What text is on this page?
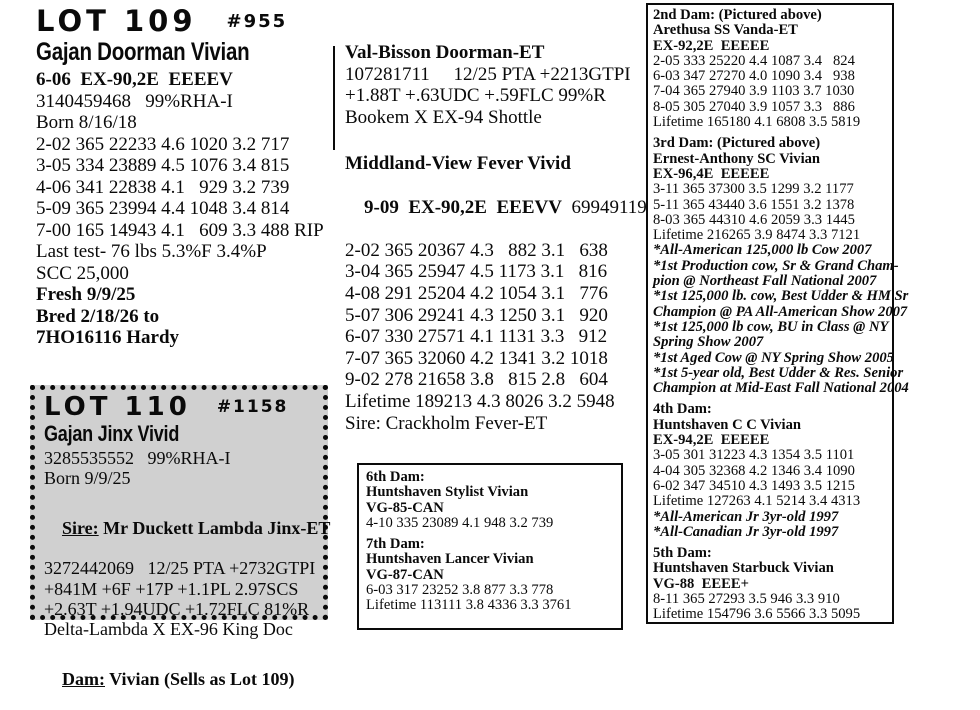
LOT 109 #955
Gajan Doorman Vivian
6-06  EX-90,2E  EEEEV
3140459468   99%RHA-I
Born 8/16/18
2-02 365 22233 4.6 1020 3.2 717
3-05 334 23889 4.5 1076 3.4 815
4-06 341 22838 4.1   929 3.2 739
5-09 365 23994 4.4 1048 3.4 814
7-00 165 14943 4.1   609 3.3 488 RIP
Last test- 76 lbs 5.3%F 3.4%P
SCC 25,000
Fresh 9/9/25
Bred 2/18/26 to
7HO16116 Hardy
LOT 110 #1158
Gajan Jinx Vivid
3285535552   99%RHA-I
Born 9/9/25

Sire: Mr Duckett Lambda Jinx-ET

3272442069   12/25 PTA +2732GTPI
+841M +6F +17P +1.1PL 2.97SCS
+2.63T +1.94UDC +1.72FLC 81%R
Delta-Lambda X EX-96 King Doc

Dam: Vivian (Sells as Lot 109)

Val-Bisson Doorman-ET
107281711     12/25 PTA +2213GTPI
+1.88T +.63UDC +.59FLC 99%R
Bookem X EX-94 Shottle
Middland-View Fever Vivid

9-09  EX-90,2E  EEEVV  69949119

2-02 365 20367 4.3   882 3.1   638
3-04 365 25947 4.5 1173 3.1   816
4-08 291 25204 4.2 1054 3.1   776
5-07 306 29241 4.3 1250 3.1   920
6-07 330 27571 4.1 1131 3.3   912
7-07 365 32060 4.2 1341 3.2 1018
9-02 278 21658 3.8   815 2.8   604
Lifetime 189213 4.3 8026 3.2 5948
Sire: Crackholm Fever-ET
6th Dam:
Huntshaven Stylist Vivian
VG-85-CAN
4-10 335 23089 4.1 948 3.2 739
7th Dam:
Huntshaven Lancer Vivian
VG-87-CAN
6-03 317 23252 3.8 877 3.3 778
Lifetime 113111 3.8 4336 3.3 3761
2nd Dam: (Pictured above)
Arethusa SS Vanda-ET
EX-92,2E  EEEEE
2-05 333 25220 4.4 1087 3.4   824
6-03 347 27270 4.0 1090 3.4   938
7-04 365 27940 3.9 1103 3.7 1030
8-05 305 27040 3.9 1057 3.3   886
Lifetime 165180 4.1 6808 3.5 5819
3rd Dam: (Pictured above)
Ernest-Anthony SC Vivian
EX-96,4E  EEEEE
3-11 365 37300 3.5 1299 3.2 1177
5-11 365 43440 3.6 1551 3.2 1378
8-03 365 44310 4.6 2059 3.3 1445
Lifetime 216265 3.9 8474 3.3 7121
*All-American 125,000 lb Cow 2007
*1st Production cow, Sr & Grand Cham-
pion @ Northeast Fall National 2007
*1st 125,000 lb. cow, Best Udder & HM Sr
Champion @ PA All-American Show 2007
*1st 125,000 lb cow, BU in Class @ NY
Spring Show 2007
*1st Aged Cow @ NY Spring Show 2005
*1st 5-year old, Best Udder & Res. Senior
Champion at Mid-East Fall National 2004
4th Dam:
Huntshaven C C Vivian
EX-94,2E  EEEEE
3-05 301 31223 4.3 1354 3.5 1101
4-04 305 32368 4.2 1346 3.4 1090
6-02 347 34510 4.3 1493 3.5 1215
Lifetime 127263 4.1 5214 3.4 4313
*All-American Jr 3yr-old 1997
*All-Canadian Jr 3yr-old 1997
5th Dam:
Huntshaven Starbuck Vivian
VG-88  EEEE+
8-11 365 27293 3.5 946 3.3 910
Lifetime 154796 3.6 5566 3.3 5095
